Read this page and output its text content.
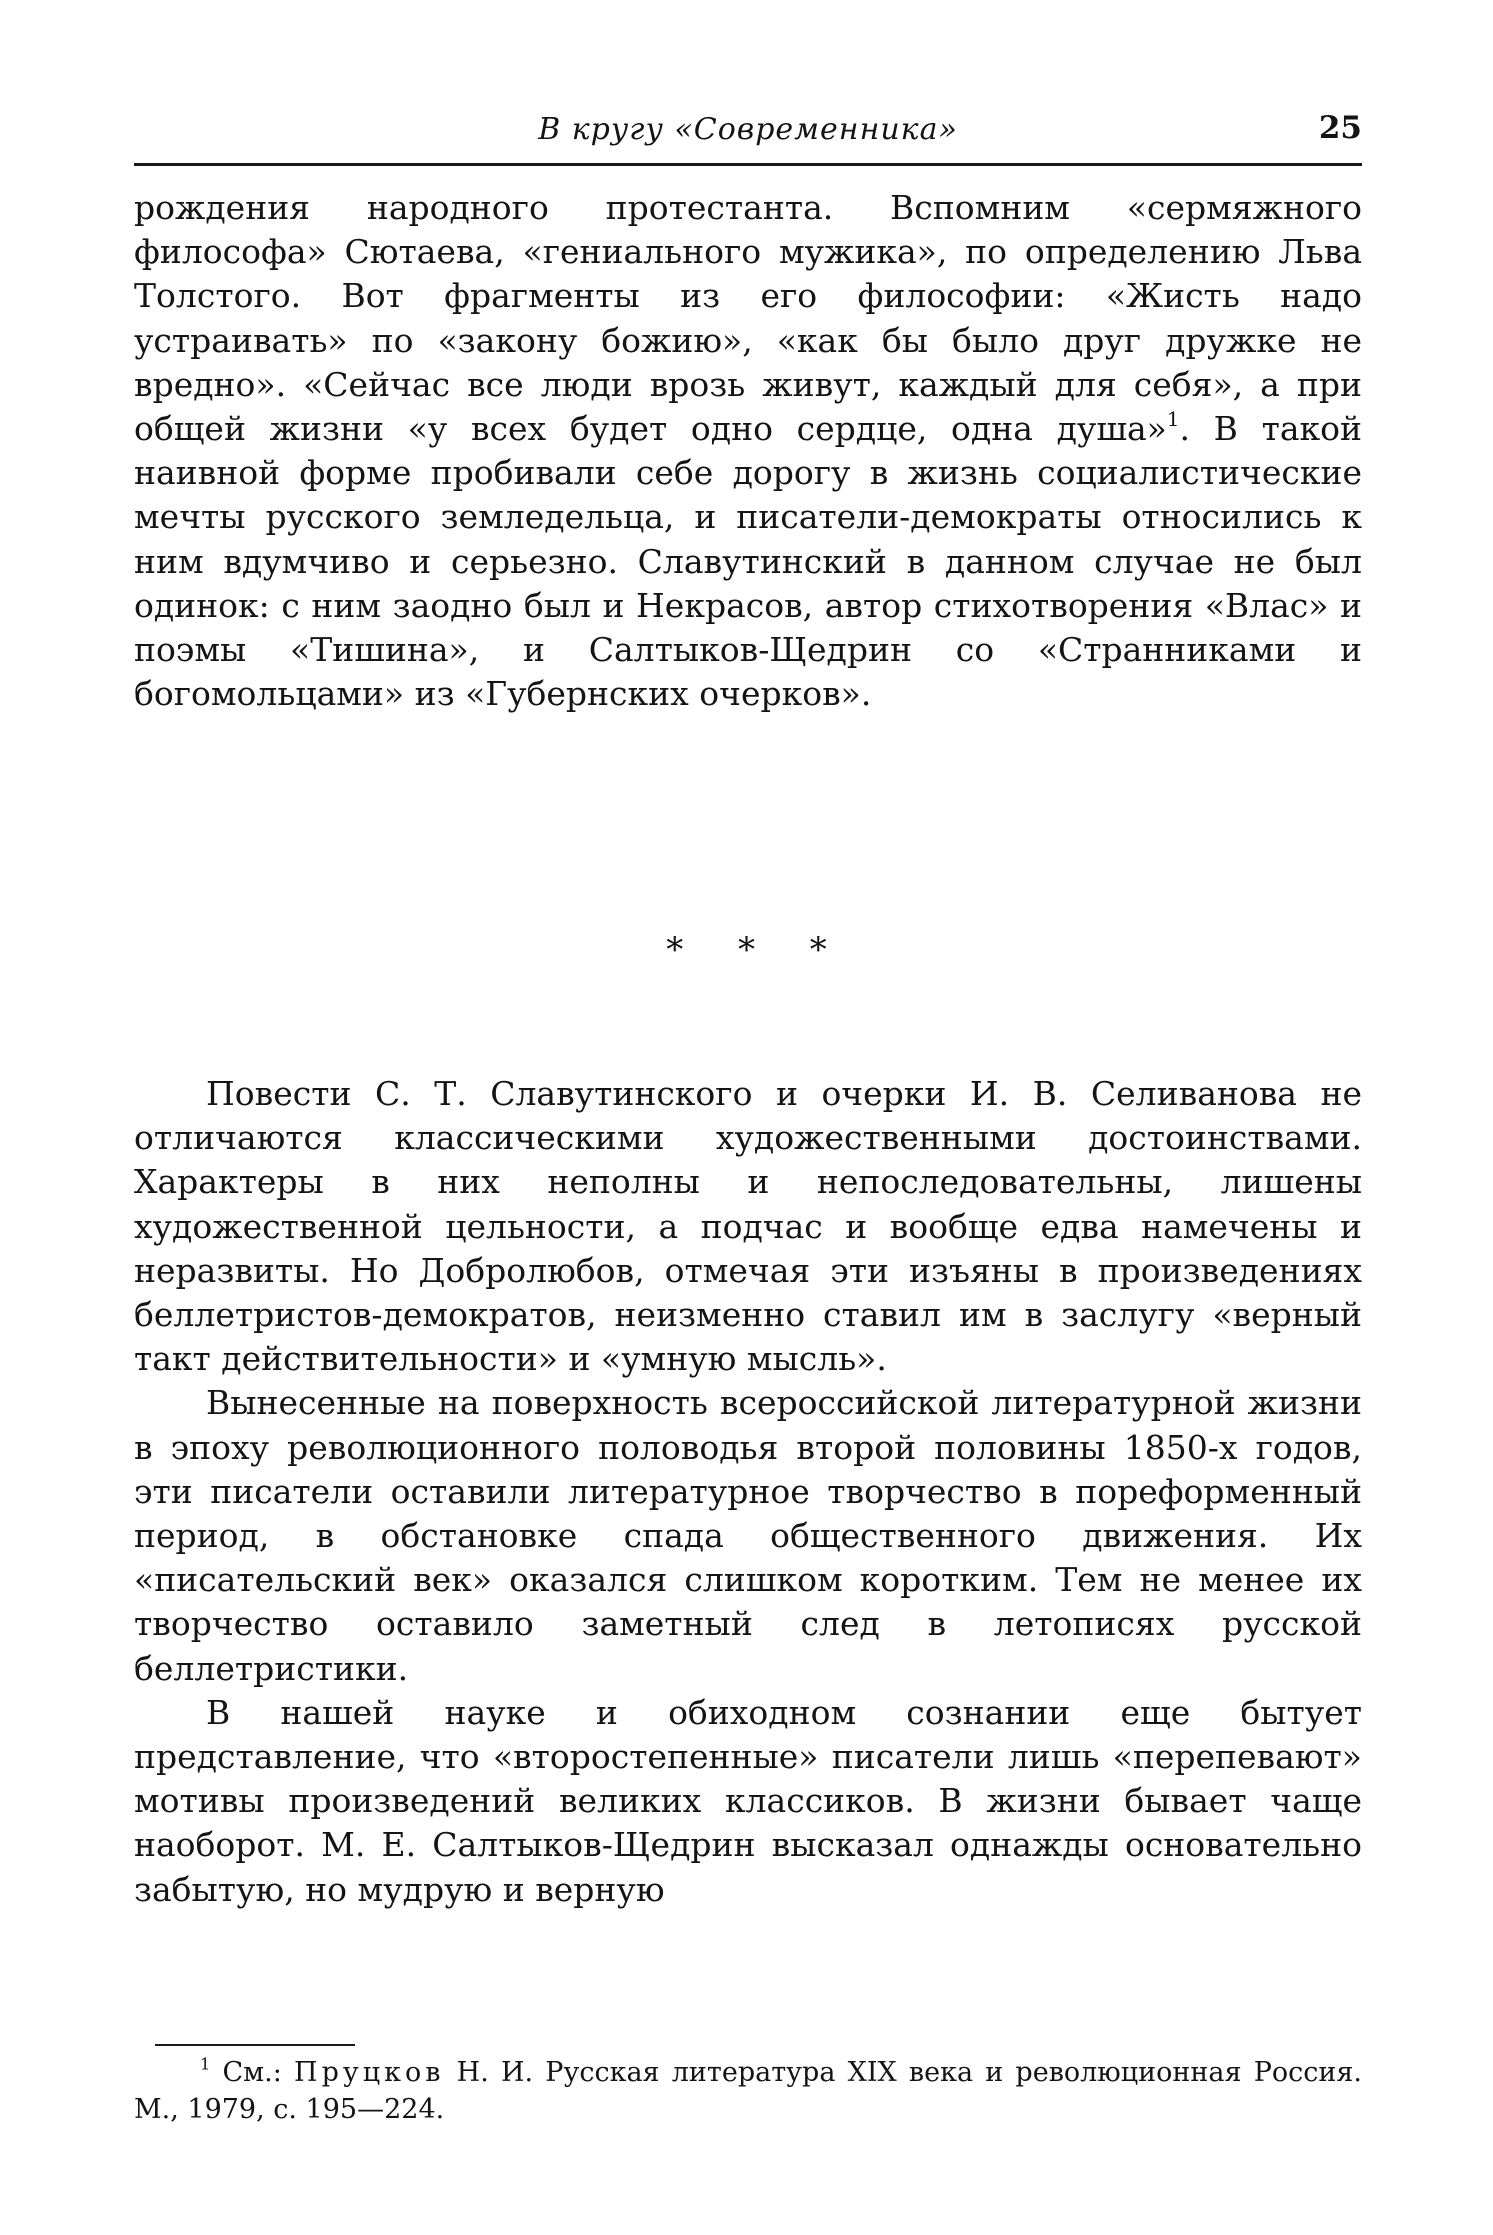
В кругу «Современника»	25

рождения народного протестанта. Вспомним «сермяжного философа» Сютаева, «гениального мужика», по определению Льва Толстого. Вот фрагменты из его философии: «Жисть надо устраивать» по «закону божию», «как бы было друг дружке не вредно». «Сейчас все люди врозь живут, каждый для себя», а при общей жизни «у всех будет одно сердце, одна душа»$^1$. В такой наивной форме пробивали себе дорогу в жизнь социалистические мечты русского земледельца, и писатели-демократы относились к ним вдумчиво и серьезно. Славутинский в данном случае не был одинок: с ним заодно был и Некрасов, автор стихотворения «Влас» и поэмы «Тишина», и Салтыков-Щедрин со «Странниками и богомольцами» из «Губернских очерков».

* * *

Повести С. Т. Славутинского и очерки И. В. Селиванова не отличаются классическими художественными достоинствами. Характеры в них неполны и непоследовательны, лишены художественной цельности, а подчас и вообще едва намечены и неразвиты. Но Добролюбов, отмечая эти изъяны в произведениях беллетристов-демократов, неизменно ставил им в заслугу «верный такт действительности» и «умную мысль».

Вынесенные на поверхность всероссийской литературной жизни в эпоху революционного половодья второй половины 1850-х годов, эти писатели оставили литературное творчество в пореформенный период, в обстановке спада общественного движения. Их «писательский век» оказался слишком коротким. Тем не менее их творчество оставило заметный след в летописях русской беллетристики.

В нашей науке и обиходном сознании еще бытует представление, что «второстепенные» писатели лишь «перепевают» мотивы произведений великих классиков. В жизни бывает чаще наоборот. М. Е. Салтыков-Щедрин высказал однажды основательно забытую, но мудрую и верную

$^1$ См.: Пруцков Н. И. Русская литература XIX века и революционная Россия. М., 1979, с. 195—224.
